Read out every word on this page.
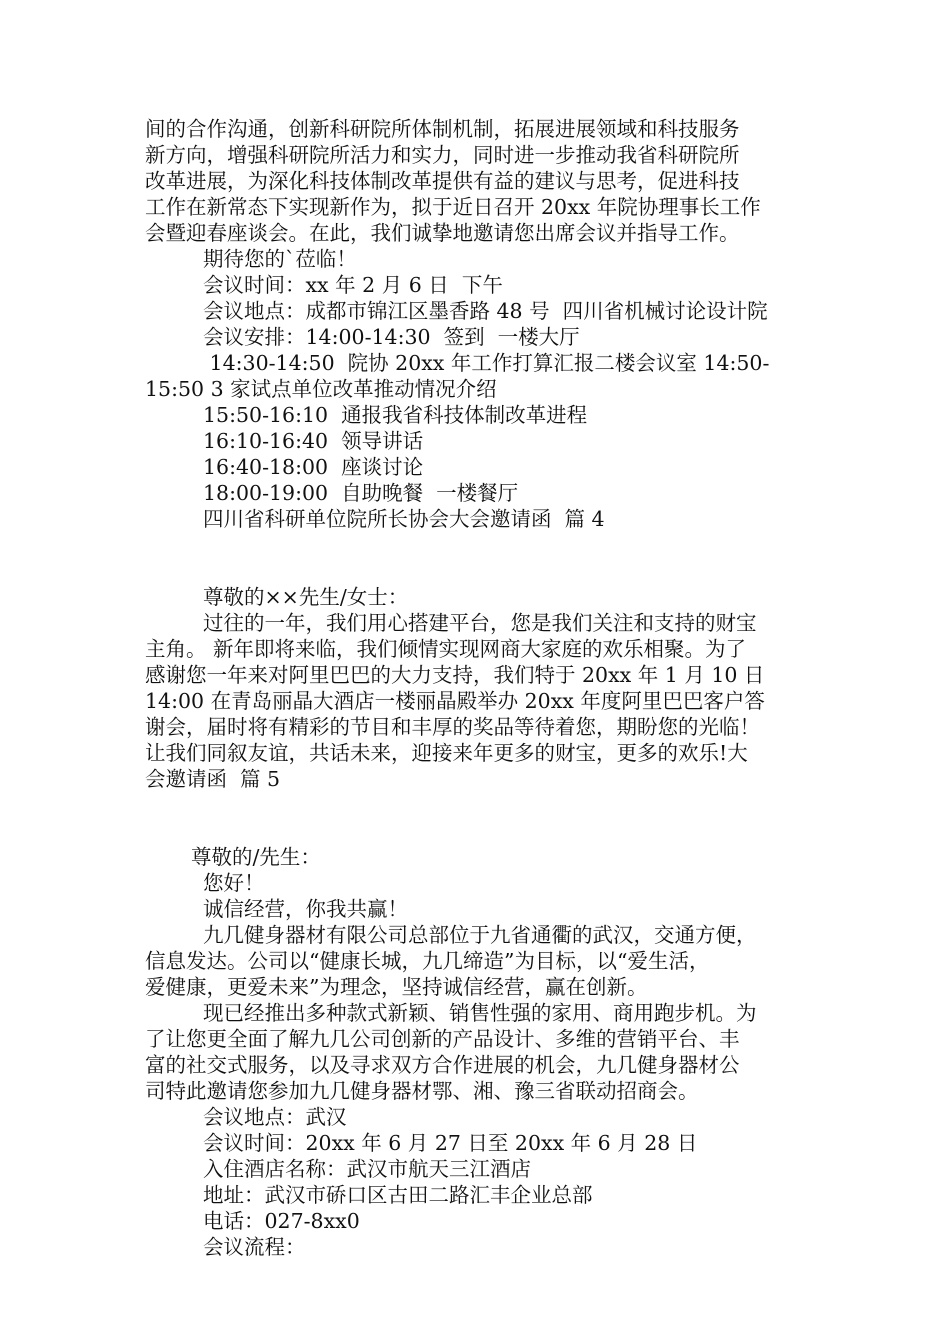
间的合作沟通，创新科研院所体制机制，拓展进展领域和科技服务

新方向，增强科研院所活力和实力，同时进一步推动我省科研院所

改革进展，为深化科技体制改革提供有益的建议与思考，促进科技

工作在新常态下实现新作为，拟于近日召开 20xx 年院协理事长工作

会暨迎春座谈会。在此，我们诚挚地邀请您出席会议并指导工作。

期待您的`莅临！

会议时间：xx 年 2 月 6 日  下午

会议地点：成都市锦江区墨香路 48 号  四川省机械讨论设计院

会议安排：14:00-14:30  签到  一楼大厅

14:30-14:50  院协 20xx 年工作打算汇报二楼会议室 14:50-

15:50 3 家试点单位改革推动情况介绍

15:50-16:10  通报我省科技体制改革进程

16:10-16:40  领导讲话

16:40-18:00  座谈讨论

18:00-19:00  自助晚餐  一楼餐厅

四川省科研单位院所长协会大会邀请函  篇 4

尊敬的××先生/女士：

过往的一年，我们用心搭建平台，您是我们关注和支持的财宝

主角。 新年即将来临，我们倾情实现网商大家庭的欢乐相聚。为了

感谢您一年来对阿里巴巴的大力支持，我们特于 20xx 年 1 月 10 日

14:00 在青岛丽晶大酒店一楼丽晶殿举办 20xx 年度阿里巴巴客户答

谢会，届时将有精彩的节目和丰厚的奖品等待着您，期盼您的光临！

让我们同叙友谊，共话未来，迎接来年更多的财宝，更多的欢乐!大

会邀请函  篇 5

尊敬的/先生：

您好！

诚信经营，你我共赢！

九几健身器材有限公司总部位于九省通衢的武汉，交通方便，

信息发达。公司以“健康长城，九几缔造”为目标，以“爱生活，

爱健康，更爱未来”为理念，坚持诚信经营，赢在创新。

现已经推出多种款式新颖、销售性强的家用、商用跑步机。为

了让您更全面了解九几公司创新的产品设计、多维的营销平台、丰

富的社交式服务，以及寻求双方合作进展的机会，九几健身器材公

司特此邀请您参加九几健身器材鄂、湘、豫三省联动招商会。

会议地点：武汉

会议时间：20xx 年 6 月 27 日至 20xx 年 6 月 28 日

入住酒店名称：武汉市航天三江酒店

地址：武汉市硚口区古田二路汇丰企业总部

电话：027-8xx0

会议流程：
